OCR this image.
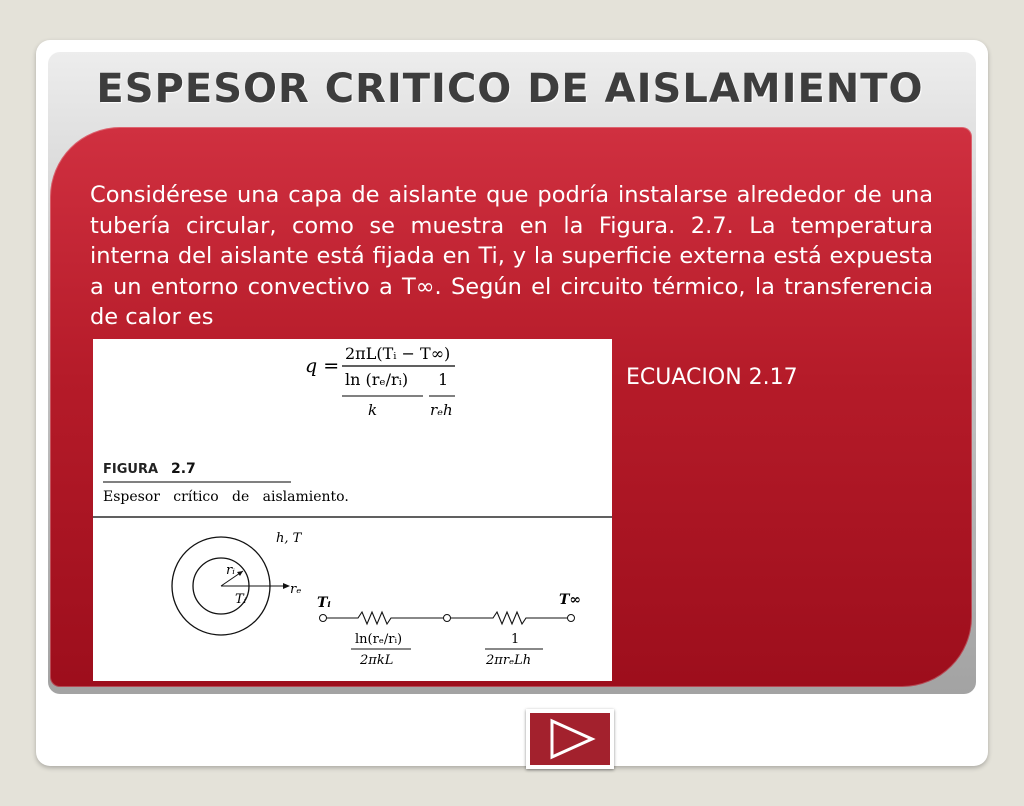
ESPESOR CRITICO DE AISLAMIENTO
Considérese una capa de aislante que podría instalarse alrededor de una tubería circular, como se muestra en la Figura. 2.7. La temperatura interna del aislante está fijada en Ti, y la superficie externa está expuesta a un entorno convectivo a T∞. Según el circuito térmico, la transferencia de calor es
ECUACION 2.17
q =
2πL(Tᵢ − T∞)
ln (rₑ/rᵢ)
k
1
rₑh
FIGURA 2.7
Espesor   crítico   de   aislamiento.
h, T
rᵢ
Tᵢ
rₑ
Tᵢ	T∞
ln(rₑ/rᵢ)
2πkL
1
2πrₑLh
